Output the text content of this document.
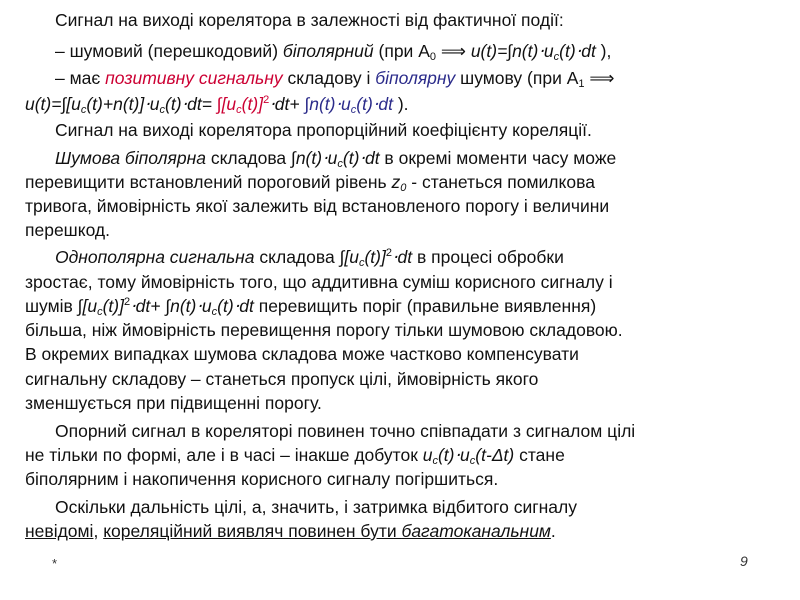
Сигнал на виході корелятора в залежності від фактичної події:

– шумовий (перешкодовий) біполярний (при $А_0$ ⟹ $u(t)=\int n(t)\cdot u_c(t)\cdot dt$ ),

– має позитивну сигнальну складову і біполярну шумову (при $А_1$ ⟹

$u(t)=\int[u_c(t)+n(t)]\cdot u_c(t)\cdot dt= \int[u_c(t)]^2\cdot dt+ \int n(t)\cdot u_c(t)\cdot dt$ ).

Сигнал на виході корелятора пропорційний коефіцієнту кореляції.

Шумова біполярна складова $\int n(t)\cdot u_c(t)\cdot dt$ в окремі моменти часу може

перевищити встановлений пороговий рівень $z_0$ - станеться помилкова

тривога, ймовірність якої залежить від встановленого порогу і величини

перешкод.

Однополярна сигнальна складова $\int[u_c(t)]^2\cdot dt$ в процесі обробки

зростає, тому ймовірність того, що аддитивна суміш корисного сигналу і

шумів $\int[u_c(t)]^2\cdot dt+ \int n(t)\cdot u_c(t)\cdot dt$ перевищить поріг (правильне виявлення)

більша, ніж ймовірність перевищення порогу тільки шумовою складовою.

В окремих випадках шумова складова може частково компенсувати

сигнальну складову – станеться пропуск цілі, ймовірність якого

зменшується при підвищенні порогу.

Опорний сигнал в кореляторі повинен точно співпадати з сигналом цілі

не тільки по формі, але і в часі – інакше добуток $u_c(t)\cdot u_c(t-\Delta t)$ стане

біполярним і накопичення корисного сигналу погіршиться.

Оскільки дальність цілі, а, значить, і затримка відбитого сигналу

невідомі, кореляційний виявляч повинен бути багатоканальним.

*	9
